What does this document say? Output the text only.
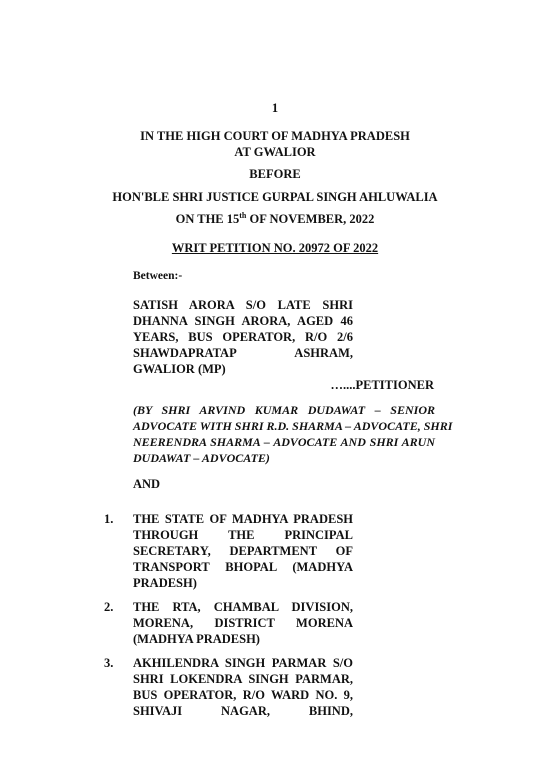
1
IN THE HIGH COURT OF MADHYA PRADESH
AT GWALIOR
BEFORE
HON'BLE SHRI JUSTICE GURPAL SINGH AHLUWALIA
ON THE 15th OF NOVEMBER, 2022
WRIT PETITION NO. 20972 OF 2022
Between:-
SATISH ARORA S/O LATE SHRI
DHANNA SINGH ARORA, AGED 46
YEARS, BUS OPERATOR, R/O 2/6
SHAWDAPRATAP ASHRAM,
GWALIOR (MP)
…....PETITIONER
(BY SHRI ARVIND KUMAR DUDAWAT – SENIOR
ADVOCATE WITH SHRI R.D. SHARMA – ADVOCATE, SHRI
NEERENDRA SHARMA – ADVOCATE AND SHRI ARUN
DUDAWAT – ADVOCATE)
AND
1. THE STATE OF MADHYA PRADESH
THROUGH THE PRINCIPAL
SECRETARY, DEPARTMENT OF
TRANSPORT BHOPAL (MADHYA
PRADESH)
2. THE RTA, CHAMBAL DIVISION,
MORENA, DISTRICT MORENA
(MADHYA PRADESH)
3. AKHILENDRA SINGH PARMAR S/O
SHRI LOKENDRA SINGH PARMAR,
BUS OPERATOR, R/O WARD NO. 9,
SHIVAJI NAGAR, BHIND,
